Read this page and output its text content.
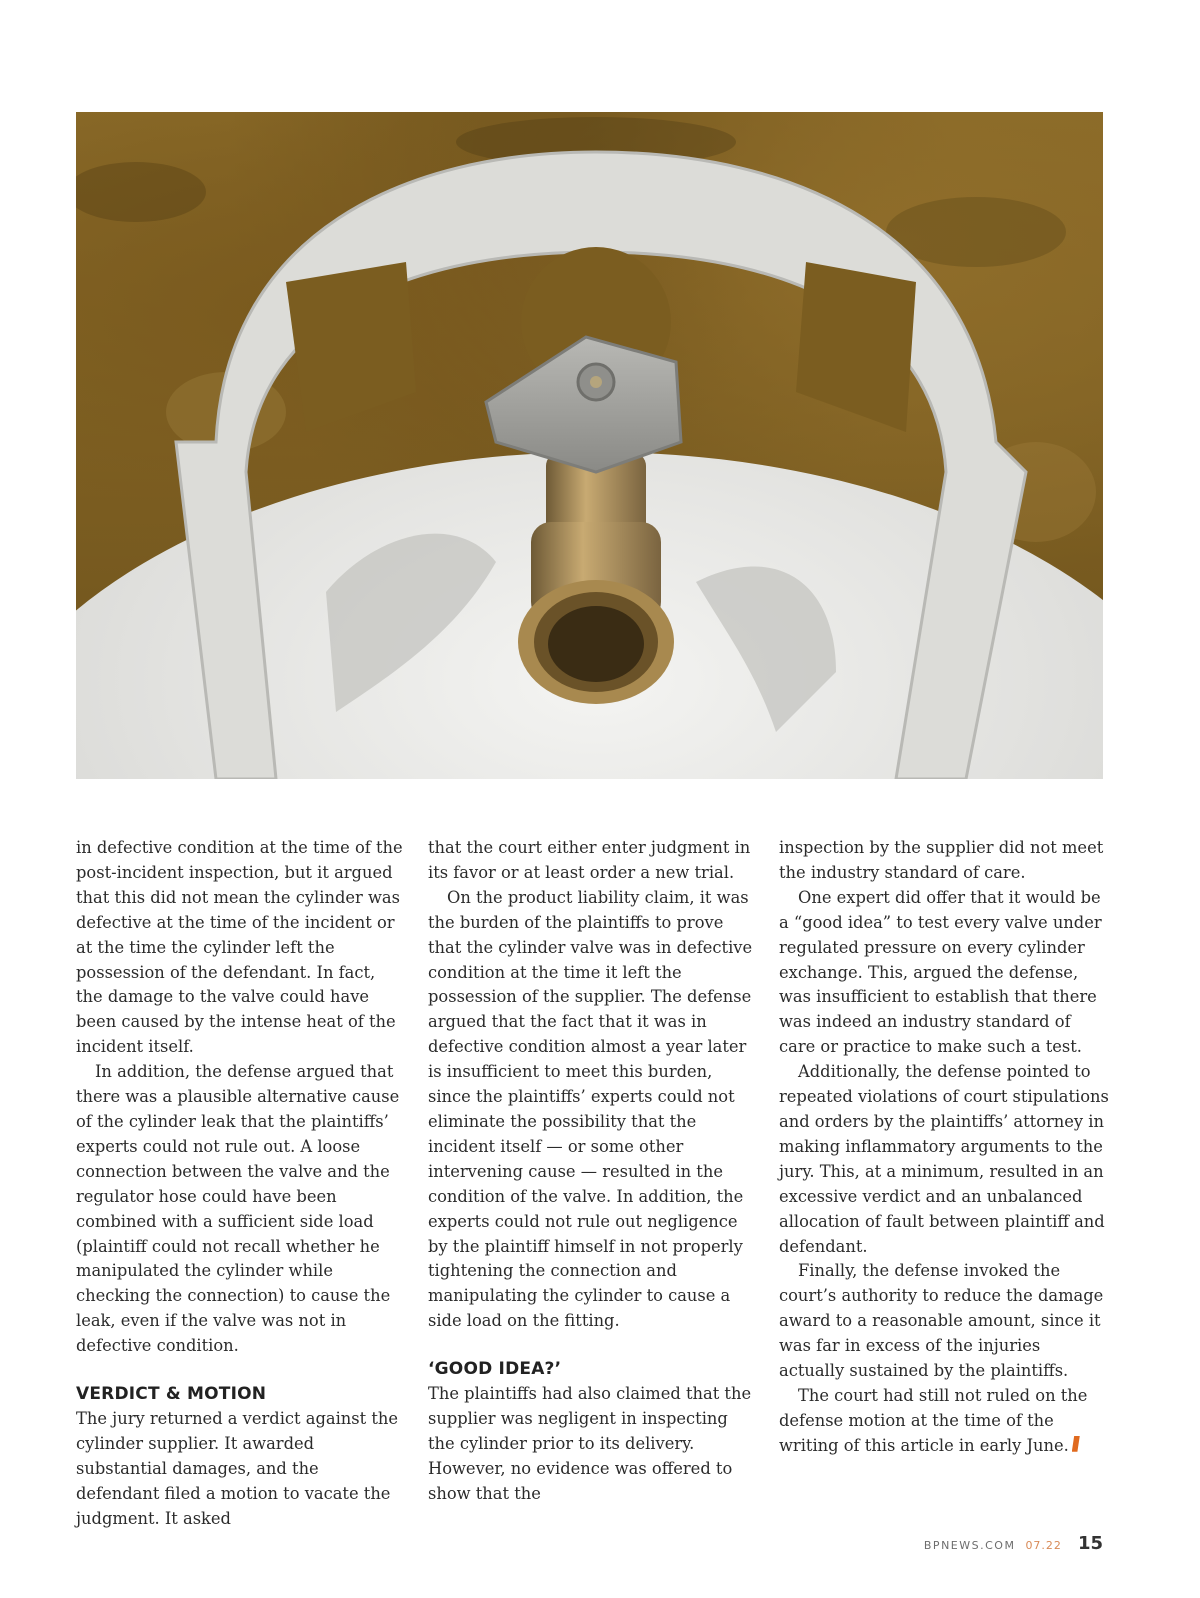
in defective condition at the time of the post-incident inspection, but it argued that this did not mean the cylinder was defective at the time of the incident or at the time the cylinder left the possession of the defendant. In fact, the damage to the valve could have been caused by the intense heat of the incident itself.

In addition, the defense argued that there was a plausible alternative cause of the cylinder leak that the plaintiffs’ experts could not rule out. A loose connection between the valve and the regulator hose could have been combined with a sufficient side load (plaintiff could not recall whether he manipulated the cylinder while checking the connection) to cause the leak, even if the valve was not in defective condition.

VERDICT & MOTION

The jury returned a verdict against the cylinder supplier. It awarded substantial damages, and the defendant filed a motion to vacate the judgment. It asked

that the court either enter judgment in its favor or at least order a new trial.

On the product liability claim, it was the burden of the plaintiffs to prove that the cylinder valve was in defective condition at the time it left the possession of the supplier. The defense argued that the fact that it was in defective condition almost a year later is insufficient to meet this burden, since the plaintiffs’ experts could not eliminate the possibility that the incident itself — or some other intervening cause — resulted in the condition of the valve. In addition, the experts could not rule out negligence by the plaintiff himself in not properly tightening the connection and manipulating the cylinder to cause a side load on the fitting.

‘GOOD IDEA?’

The plaintiffs had also claimed that the supplier was negligent in inspecting the cylinder prior to its delivery. However, no evidence was offered to show that the

inspection by the supplier did not meet the industry standard of care.

One expert did offer that it would be a “good idea” to test every valve under regulated pressure on every cylinder exchange. This, argued the defense, was insufficient to establish that there was indeed an industry standard of care or practice to make such a test.

Additionally, the defense pointed to repeated violations of court stipulations and orders by the plaintiffs’ attorney in making inflammatory arguments to the jury. This, at a minimum, resulted in an excessive verdict and an unbalanced allocation of fault between plaintiff and defendant.

Finally, the defense invoked the court’s authority to reduce the damage award to a reasonable amount, since it was far in excess of the injuries actually sustained by the plaintiffs.

The court had still not ruled on the defense motion at the time of the writing of this article in early June.

BPNEWS.COM 07.22 15
